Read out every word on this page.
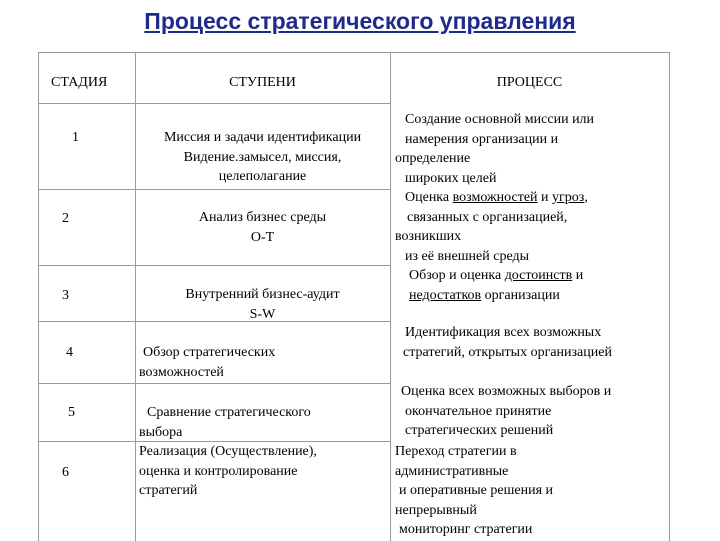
Процесс стратегического управления
СТАДИЯ	СТУПЕНИ	ПРОЦЕСС
1
2
3
4
5
6
Миссия и задачи идентификации
Видение.замысел, миссия,
целеполагание
Анализ бизнес среды
O-T
Внутренний бизнес-аудит
S-W
Обзор стратегических
возможностей
Сравнение стратегического
выбора
Реализация (Осуществление),
оценка и контролирование
стратегий
Создание основной миссии или
намерения организации и
определение
широких целей
Оценка возможностей и угроз,
связанных с организацией,
возникших
из её внешней среды
Обзор и оценка достоинств и
недостатков организации
Идентификация всех возможных
стратегий, открытых организацией
Оценка всех возможных выборов и
окончательное принятие
стратегических решений
Переход стратегии в
административные
и оперативные решения и
непрерывный
мониторинг стратегии
